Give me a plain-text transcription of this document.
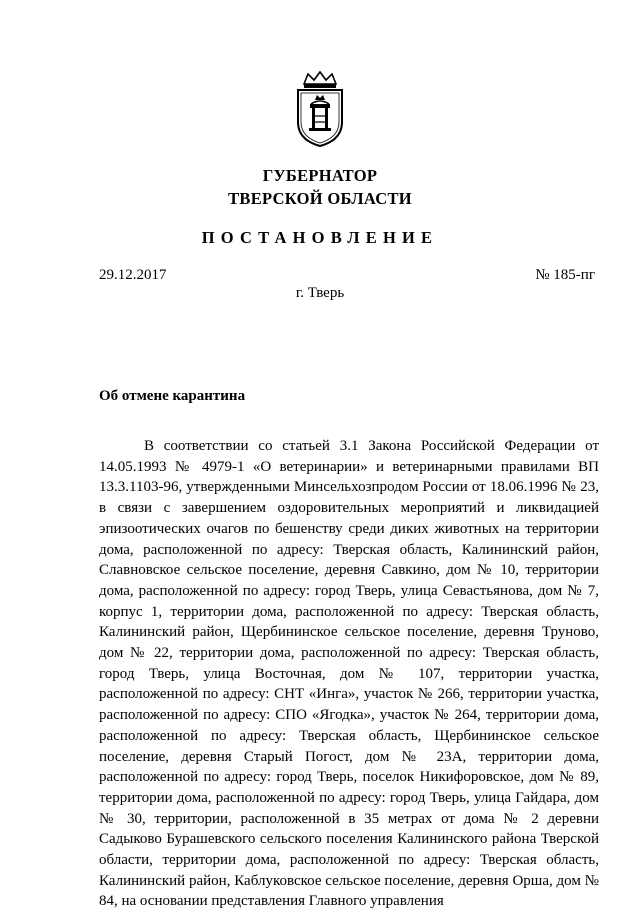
ГУБЕРНАТОР
ТВЕРСКОЙ ОБЛАСТИ
ПОСТАНОВЛЕНИЕ
29.12.2017	№ 185-пг
г. Тверь
Об отмене карантина

В соответствии со статьей 3.1 Закона Российской Федерации от 14.05.1993 № 4979-1 «О ветеринарии» и ветеринарными правилами ВП 13.3.1103-96, утвержденными Минсельхозпродом России от 18.06.1996 № 23, в связи с завершением оздоровительных мероприятий и ликвидацией эпизоотических очагов по бешенству среди диких животных на территории дома, расположенной по адресу: Тверская область, Калининский район, Славновское сельское поселение, деревня Савкино, дом № 10, территории дома, расположенной по адресу: город Тверь, улица Севастьянова, дом № 7, корпус 1, территории дома, расположенной по адресу: Тверская область, Калининский район, Щербининское сельское поселение, деревня Труново, дом № 22, территории дома, расположенной по адресу: Тверская область, город Тверь, улица Восточная, дом № 107, территории участка, расположенной по адресу: СНТ «Инга», участок № 266, территории участка, расположенной по адресу: СПО «Ягодка», участок № 264, территории дома, расположенной по адресу: Тверская область, Щербининское сельское поселение, деревня Старый Погост, дом № 23А, территории дома, расположенной по адресу: город Тверь, поселок Никифоровское, дом № 89, территории дома, расположенной по адресу: город Тверь, улица Гайдара, дом № 30, территории, расположенной в 35 метрах от дома № 2 деревни Садыково Бурашевского сельского поселения Калининского района Тверской области, территории дома, расположенной по адресу: Тверская область, Калининский район, Каблуковское сельское поселение, деревня Орша, дом № 84, на основании представления Главного управления
